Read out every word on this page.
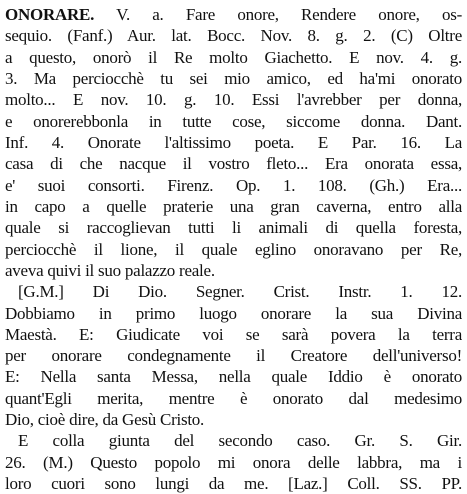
ONORARE. V. a. Fare onore, Rendere onore, os-
sequio. (Fanf.) Aur. lat. Bocc. Nov. 8. g. 2. (C) Oltre
a questo, onorò il Re molto Giachetto. E nov. 4. g.
3. Ma perciocchè tu sei mio amico, ed ha'mi onorato
molto... E nov. 10. g. 10. Essi l'avrebber per donna,
e onorerebbonla in tutte cose, siccome donna. Dant.
Inf. 4. Onorate l'altissimo poeta. E Par. 16. La
casa di che nacque il vostro fleto... Era onorata essa,
e' suoi consorti. Firenz. Op. 1. 108. (Gh.) Era...
in capo a quelle praterie una gran caverna, entro alla
quale si raccoglievan tutti li animali di quella foresta,
perciocchè il lione, il quale eglino onoravano per Re,
aveva quivi il suo palazzo reale.
[G.M.] Di Dio. Segner. Crist. Instr. 1. 12.
Dobbiamo in primo luogo onorare la sua Divina
Maestà. E: Giudicate voi se sarà povera la terra
per onorare condegnamente il Creatore dell'universo!
E: Nella santa Messa, nella quale Iddio è onorato
quant'Egli merita, mentre è onorato dal medesimo
Dio, cioè dire, da Gesù Cristo.
E colla giunta del secondo caso. Gr. S. Gir.
26. (M.) Questo popolo mi onora delle labbra, ma i
loro cuori sono lungi da me. [Laz.] Coll. SS. PP.
